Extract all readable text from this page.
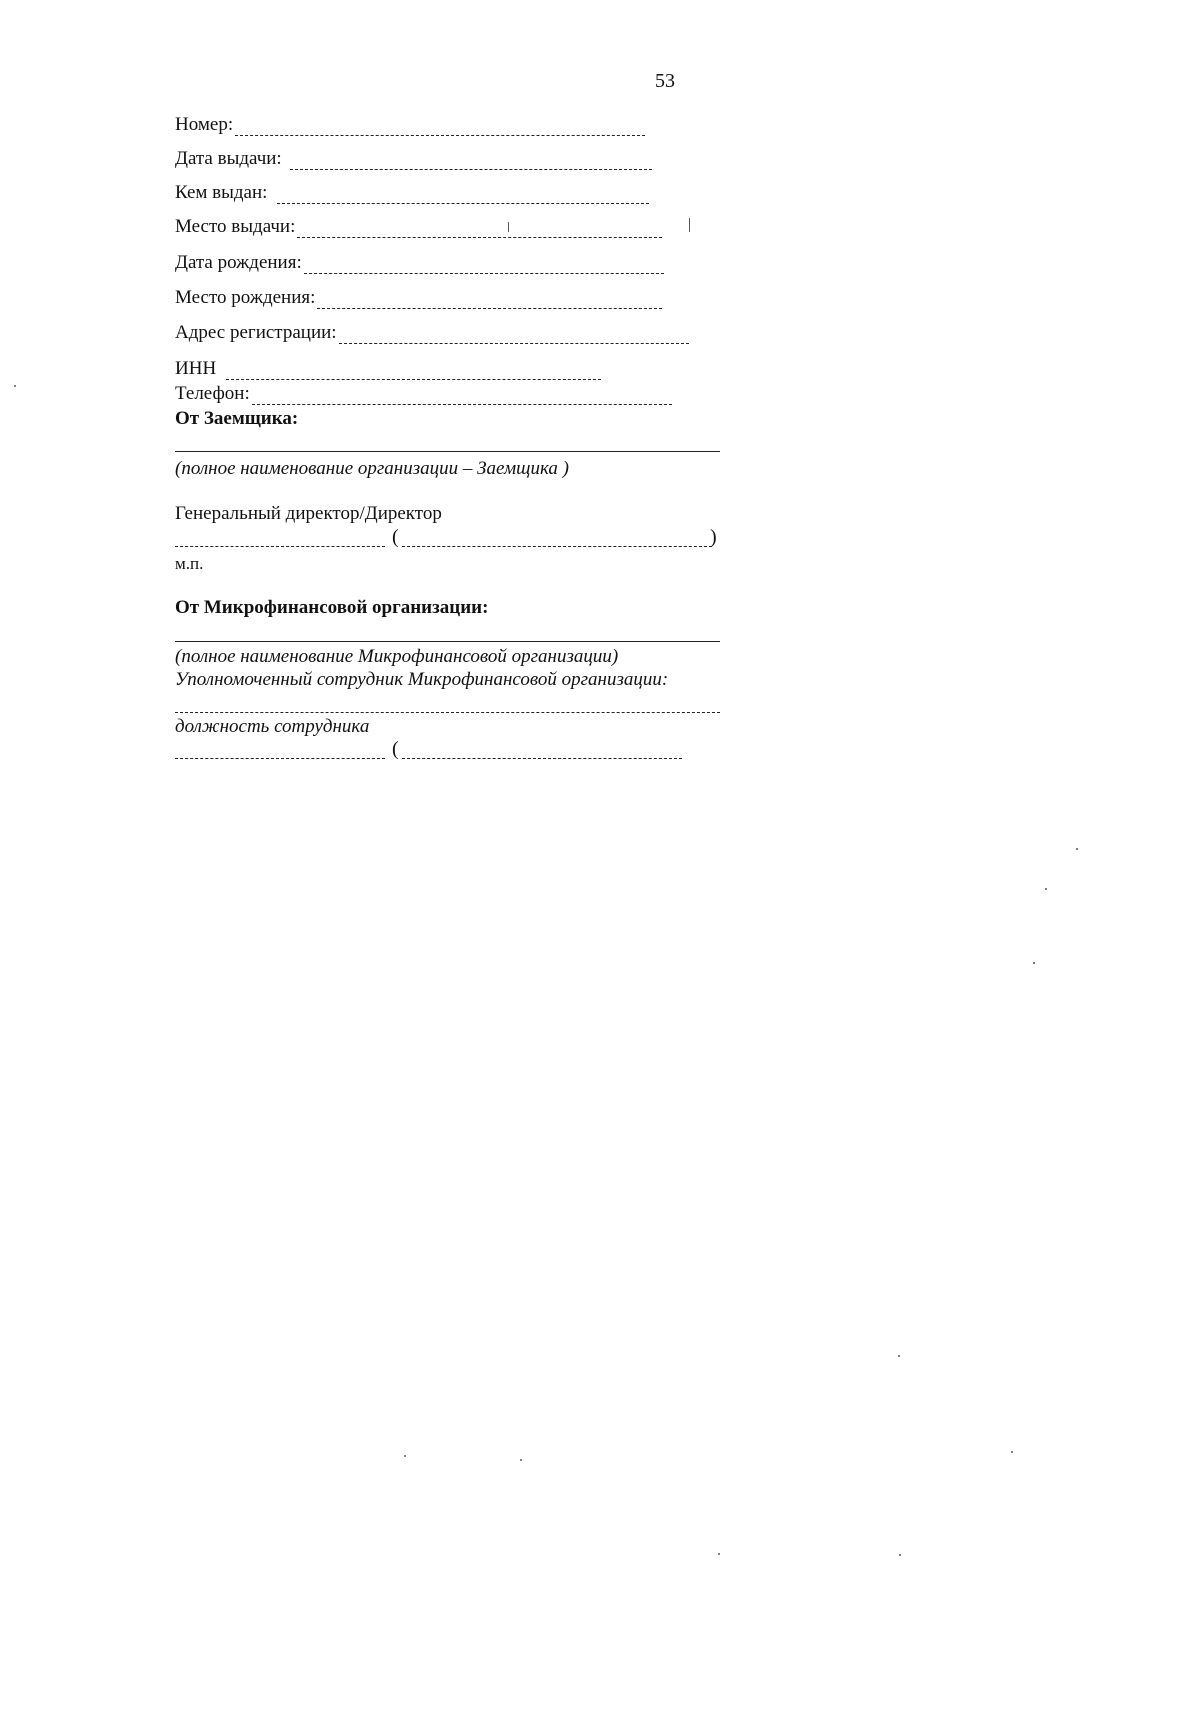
53
Номер:
Дата выдачи:
Кем выдан:
Место выдачи:
Дата рождения:
Место рождения:
Адрес регистрации:
ИНН
Телефон:
От Заемщика:
(полное наименование организации – Заемщика )
Генеральный директор/Директор
(	)
м.п.
От Микрофинансовой организации:
(полное наименование Микрофинансовой организации)
Уполномоченный сотрудник Микрофинансовой организации:
должность сотрудника
(
